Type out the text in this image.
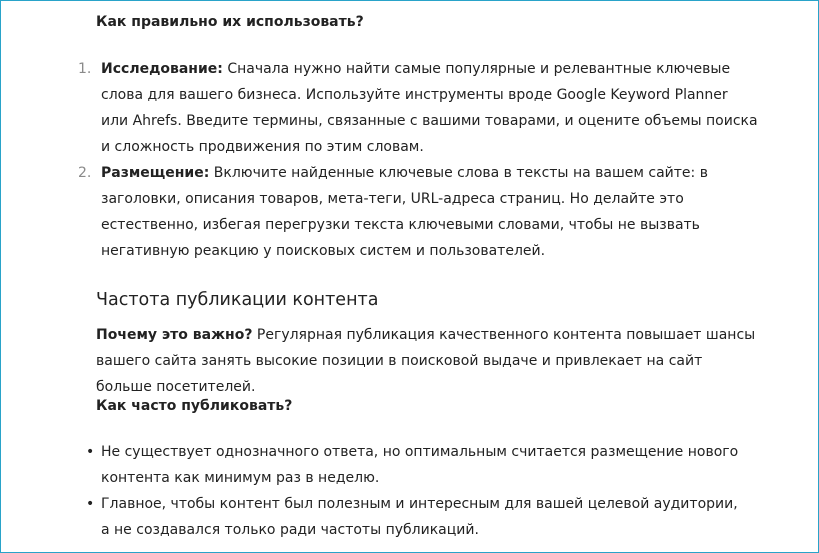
Как правильно их использовать?
1. Исследование: Сначала нужно найти самые популярные и релевантные ключевые слова для вашего бизнеса. Используйте инструменты вроде Google Keyword Planner или Ahrefs. Введите термины, связанные с вашими товарами, и оцените объемы поиска и сложность продвижения по этим словам.
2. Размещение: Включите найденные ключевые слова в тексты на вашем сайте: в заголовки, описания товаров, мета-теги, URL-адреса страниц. Но делайте это естественно, избегая перегрузки текста ключевыми словами, чтобы не вызвать негативную реакцию у поисковых систем и пользователей.
Частота публикации контента
Почему это важно? Регулярная публикация качественного контента повышает шансы вашего сайта занять высокие позиции в поисковой выдаче и привлекает на сайт больше посетителей.
Как часто публиковать?
• Не существует однозначного ответа, но оптимальным считается размещение нового контента как минимум раз в неделю.
• Главное, чтобы контент был полезным и интересным для вашей целевой аудитории, а не создавался только ради частоты публикаций.
